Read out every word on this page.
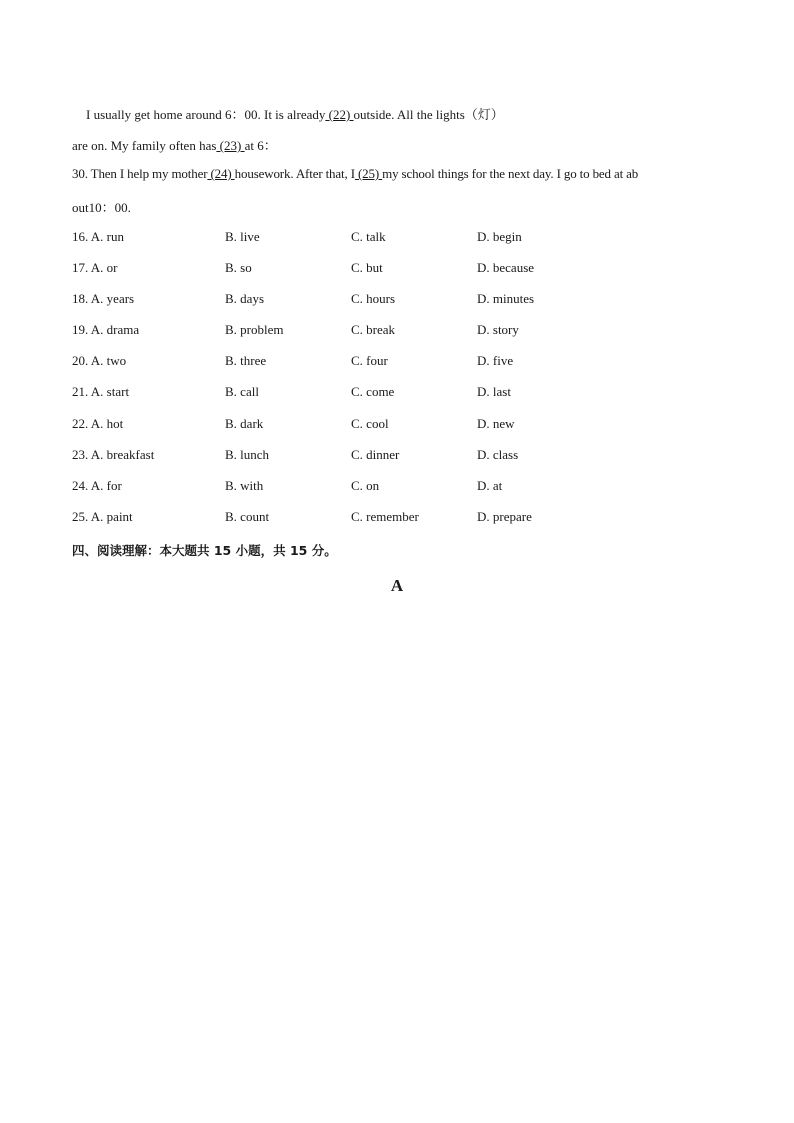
I usually get home around 6：00. It is already (22) outside. All the lights（灯）
are on. My family often has (23) at 6：
30. Then I help my mother (24) housework. After that, I (25) my school things for the next day. I go to bed at ab
out10：00.
16. A. run	B. live	C. talk	D. begin
17. A. or	B. so	C. but	D. because
18. A. years	B. days	C. hours	D. minutes
19. A. drama	B. problem	C. break	D. story
20. A. two	B. three	C. four	D. five
21. A. start	B. call	C. come	D. last
22. A. hot	B. dark	C. cool	D. new
23. A. breakfast	B. lunch	C. dinner	D. class
24. A. for	B. with	C. on	D. at
25. A. paint	B. count	C. remember	D. prepare
四、阅读理解：本大题共 15 小题，共 15 分。
A
